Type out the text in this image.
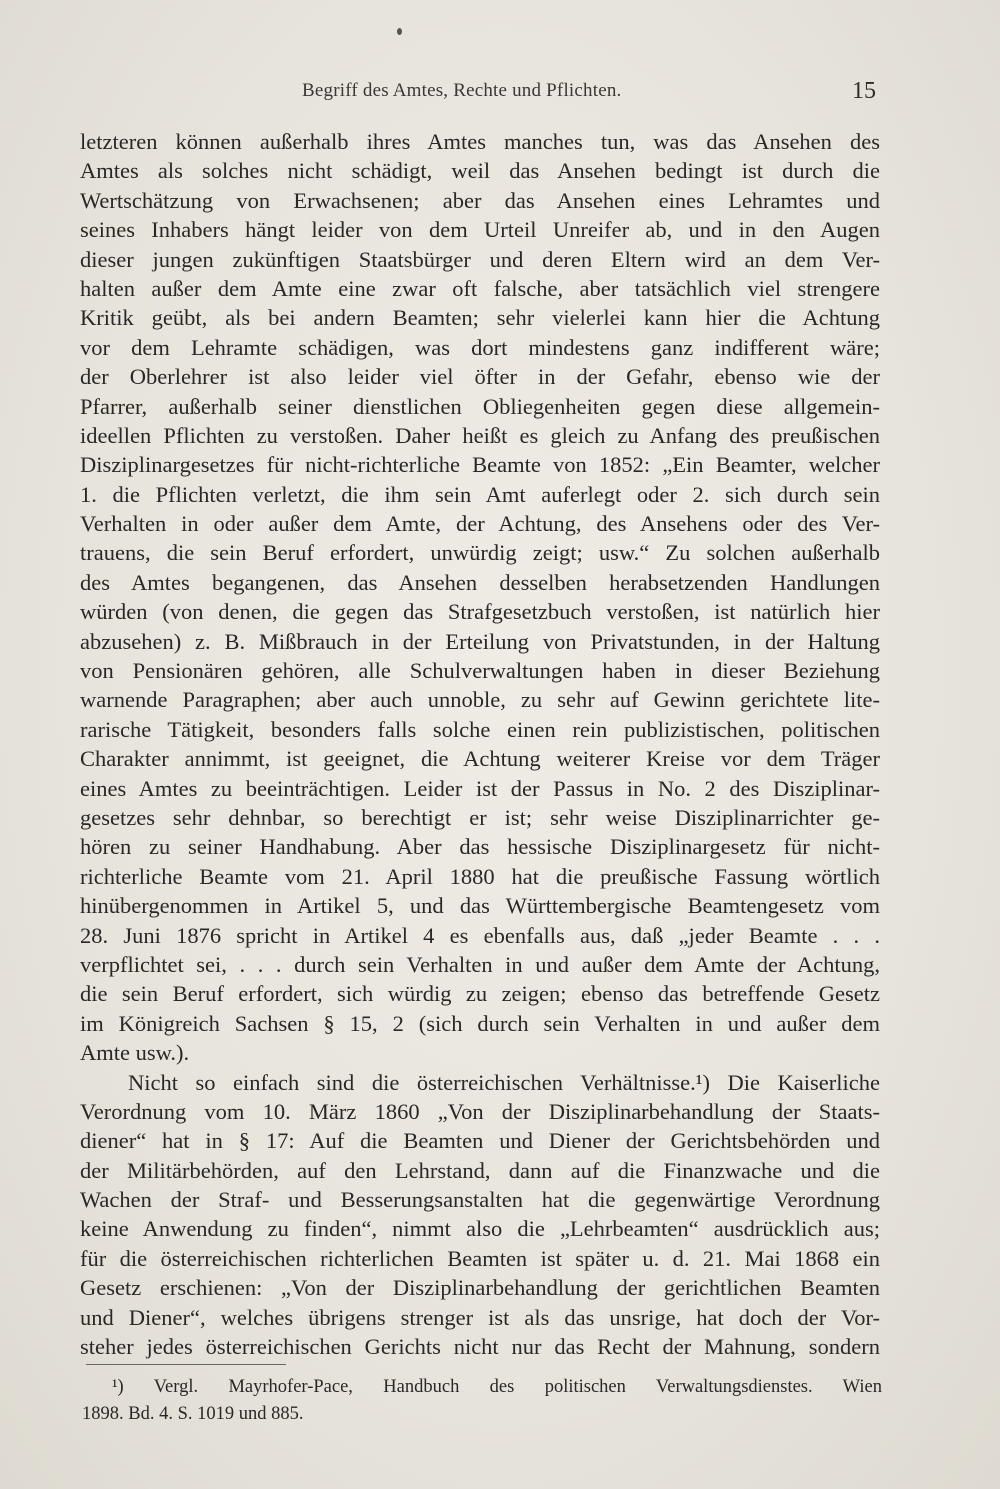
Begriff des Amtes, Rechte und Pflichten.	15
letzteren können außerhalb ihres Amtes manches tun, was das Ansehen des
Amtes als solches nicht schädigt, weil das Ansehen bedingt ist durch die
Wertschätzung von Erwachsenen; aber das Ansehen eines Lehramtes und
seines Inhabers hängt leider von dem Urteil Unreifer ab, und in den Augen
dieser jungen zukünftigen Staatsbürger und deren Eltern wird an dem Ver-
halten außer dem Amte eine zwar oft falsche, aber tatsächlich viel strengere
Kritik geübt, als bei andern Beamten; sehr vielerlei kann hier die Achtung
vor dem Lehramte schädigen, was dort mindestens ganz indifferent wäre;
der Oberlehrer ist also leider viel öfter in der Gefahr, ebenso wie der
Pfarrer, außerhalb seiner dienstlichen Obliegenheiten gegen diese allgemein-
ideellen Pflichten zu verstoßen. Daher heißt es gleich zu Anfang des preußischen
Disziplinargesetzes für nicht-richterliche Beamte von 1852: „Ein Beamter, welcher
1. die Pflichten verletzt, die ihm sein Amt auferlegt oder 2. sich durch sein
Verhalten in oder außer dem Amte, der Achtung, des Ansehens oder des Ver-
trauens, die sein Beruf erfordert, unwürdig zeigt; usw.“ Zu solchen außerhalb
des Amtes begangenen, das Ansehen desselben herabsetzenden Handlungen
würden (von denen, die gegen das Strafgesetzbuch verstoßen, ist natürlich hier
abzusehen) z. B. Mißbrauch in der Erteilung von Privatstunden, in der Haltung
von Pensionären gehören, alle Schulverwaltungen haben in dieser Beziehung
warnende Paragraphen; aber auch unnoble, zu sehr auf Gewinn gerichtete lite-
rarische Tätigkeit, besonders falls solche einen rein publizistischen, politischen
Charakter annimmt, ist geeignet, die Achtung weiterer Kreise vor dem Träger
eines Amtes zu beeinträchtigen. Leider ist der Passus in No. 2 des Disziplinar-
gesetzes sehr dehnbar, so berechtigt er ist; sehr weise Disziplinarrichter ge-
hören zu seiner Handhabung. Aber das hessische Disziplinargesetz für nicht-
richterliche Beamte vom 21. April 1880 hat die preußische Fassung wörtlich
hinübergenommen in Artikel 5, und das Württembergische Beamtengesetz vom
28. Juni 1876 spricht in Artikel 4 es ebenfalls aus, daß „jeder Beamte . . .
verpflichtet sei, . . . durch sein Verhalten in und außer dem Amte der Achtung,
die sein Beruf erfordert, sich würdig zu zeigen; ebenso das betreffende Gesetz
im Königreich Sachsen § 15, 2 (sich durch sein Verhalten in und außer dem
Amte usw.).
Nicht so einfach sind die österreichischen Verhältnisse.¹) Die Kaiserliche
Verordnung vom 10. März 1860 „Von der Disziplinarbehandlung der Staats-
diener“ hat in § 17: Auf die Beamten und Diener der Gerichtsbehörden und
der Militärbehörden, auf den Lehrstand, dann auf die Finanzwache und die
Wachen der Straf- und Besserungsanstalten hat die gegenwärtige Verordnung
keine Anwendung zu finden“, nimmt also die „Lehrbeamten“ ausdrücklich aus;
für die österreichischen richterlichen Beamten ist später u. d. 21. Mai 1868 ein
Gesetz erschienen: „Von der Disziplinarbehandlung der gerichtlichen Beamten
und Diener“, welches übrigens strenger ist als das unsrige, hat doch der Vor-
steher jedes österreichischen Gerichts nicht nur das Recht der Mahnung, sondern
¹) Vergl. Mayrhofer-Pace, Handbuch des politischen Verwaltungsdienstes. Wien
1898. Bd. 4. S. 1019 und 885.
